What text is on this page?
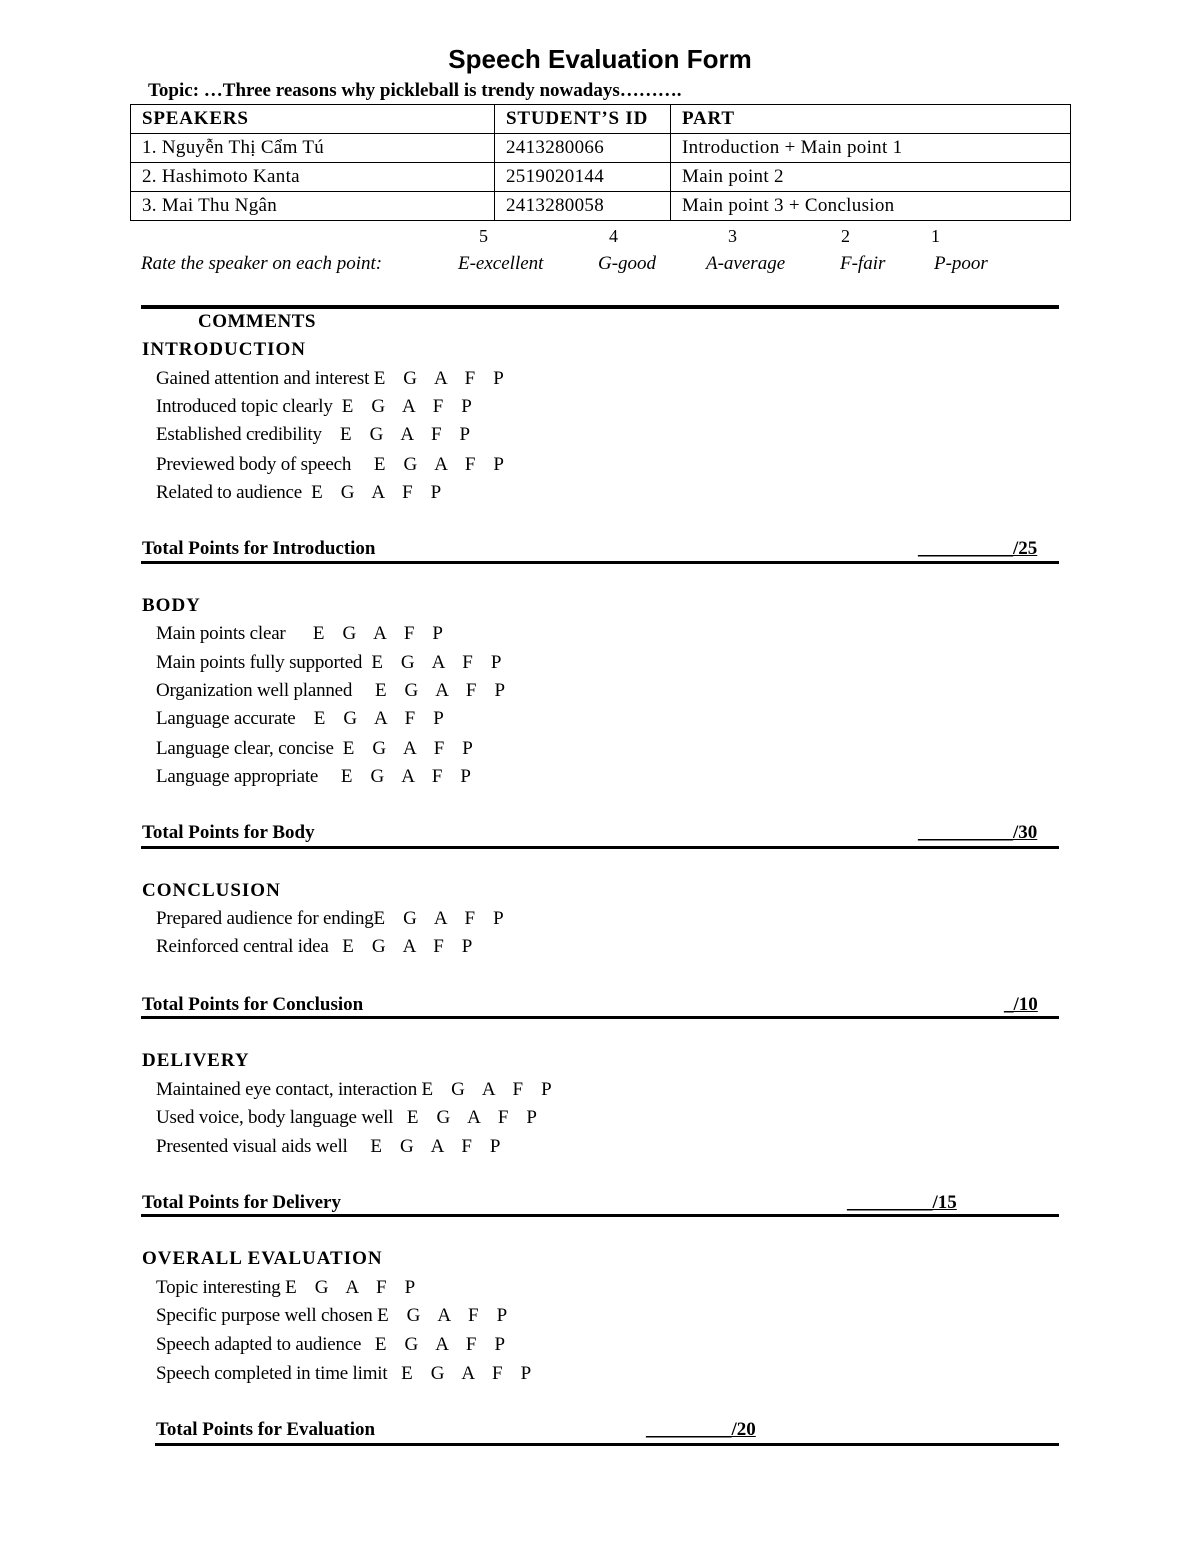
Speech Evaluation Form
Topic: …Three reasons why pickleball is trendy nowadays……….
SPEAKERS	STUDENT’S ID	PART
1. Nguyễn Thị Cẩm Tú	2413280066	Introduction + Main point 1
2. Hashimoto Kanta	2519020144	Main point 2
3. Mai Thu Ngân	2413280058	Main point 3 + Conclusion
5	4	3	2	1
Rate the speaker on each point:	E-excellent	G-good	A-average	F-fair	P-poor
COMMENTS
INTRODUCTION
Gained attention and interest E    G    A    F    P
Introduced topic clearly  E    G    A    F    P
Established credibility    E    G    A    F    P
Previewed body of speech     E    G    A    F    P
Related to audience  E    G    A    F    P
Total Points for Introduction	__________/25
BODY
Main points clear      E    G    A    F    P
Main points fully supported  E    G    A    F    P
Organization well planned     E    G    A    F    P
Language accurate    E    G    A    F    P
Language clear, concise  E    G    A    F    P
Language appropriate     E    G    A    F    P
Total Points for Body	__________/30
CONCLUSION
Prepared audience for endingE    G    A    F    P
Reinforced central idea   E    G    A    F    P
Total Points for Conclusion	_/10
DELIVERY
Maintained eye contact, interaction E    G    A    F    P
Used voice, body language well   E    G    A    F    P
Presented visual aids well     E    G    A    F    P
Total Points for Delivery	_________/15
OVERALL EVALUATION
Topic interesting E    G    A    F    P
Specific purpose well chosen E    G    A    F    P
Speech adapted to audience   E    G    A    F    P
Speech completed in time limit   E    G    A    F    P
Total Points for Evaluation	_________/20
